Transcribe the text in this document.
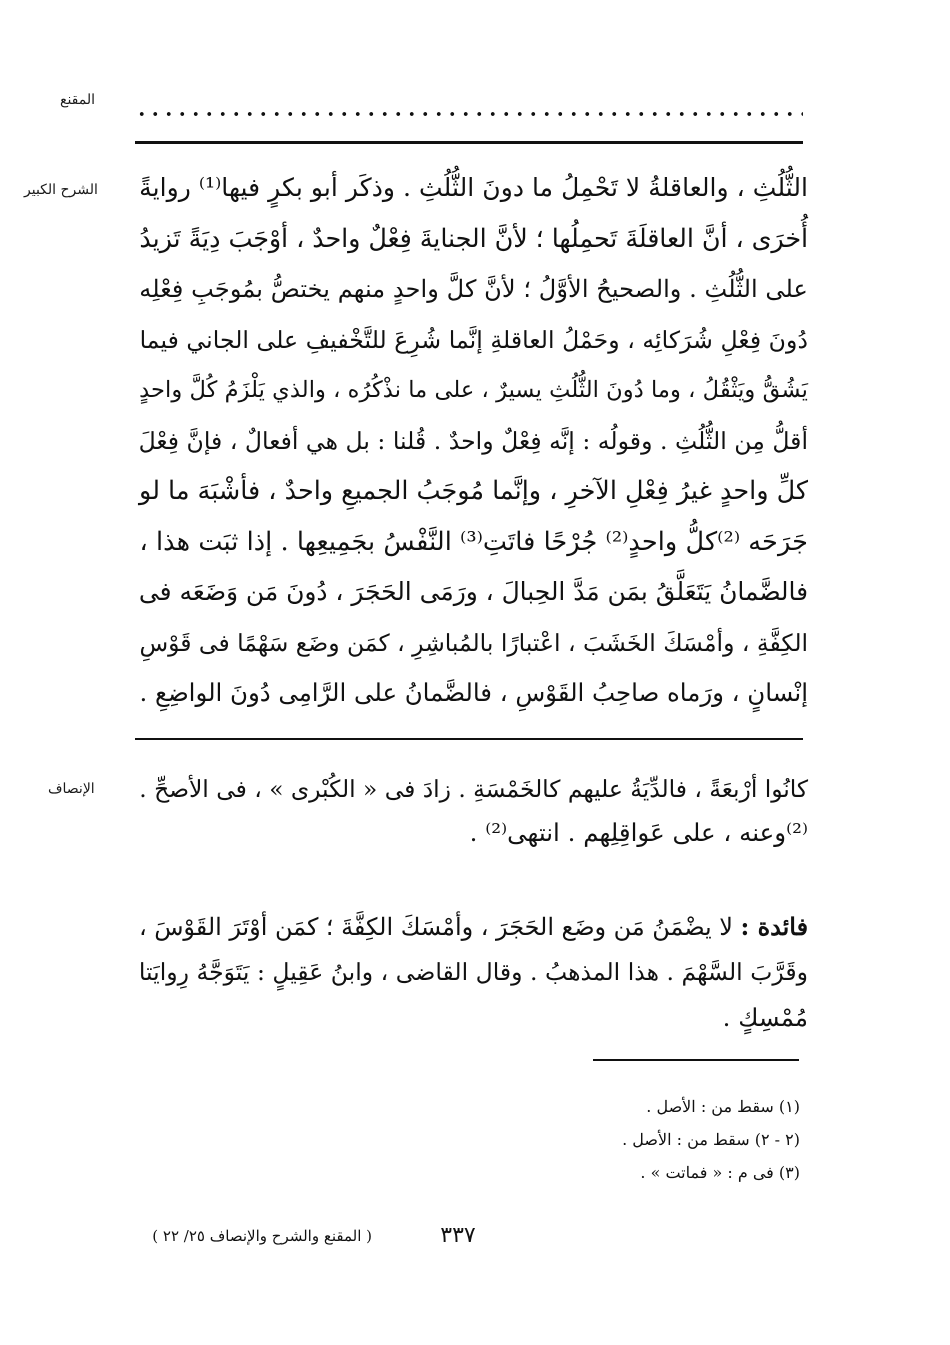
المقنع
الشرح الكبير الثُّلُثِ ، والعاقلةُ لا تَحْمِلُ ما دونَ الثُّلُثِ . وذكَر أبو بكرٍ فيها⁽¹⁾ روايةً
أُخرَى ، أنَّ العاقلَةَ تَحمِلُها ؛ لأنَّ الجنايةَ فِعْلٌ واحدٌ ، أوْجَبَ دِيَةً تَزيدُ
على الثُّلُثِ . والصحيحُ الأوَّلُ ؛ لأنَّ كلَّ واحدٍ منهم يختصُّ بمُوجَبِ فِعْلِه
دُونَ فِعْلِ شُرَكائِه ، وحَمْلُ العاقلةِ إنَّما شُرِعَ للتَّخْفيفِ على الجاني فيما
يَشُقُّ ويَثْقُلُ ، وما دُونَ الثُّلُثِ يسيرٌ ، على ما نذْكُرُه ، والذي يَلْزَمُ كُلَّ واحدٍ
أقلُّ مِن الثُّلُثِ . وقولُه : إنَّه فِعْلٌ واحدٌ . قُلنا : بل هي أفعالٌ ، فإنَّ فِعْلَ
كلِّ واحدٍ غيرُ فِعْلِ الآخرِ ، وإنَّما مُوجَبُ الجميعِ واحدٌ ، فأشْبَهَ ما لو
جَرَحَه ⁽²⁾كلُّ واحدٍ⁽²⁾ جُرْحًا فاتَتِ⁽³⁾ النَّفْسُ بجَمِيعِها . إذا ثبَت هذا ،
فالضَّمانُ يَتَعَلَّقُ بمَن مَدَّ الحِبالَ ، ورَمَى الحَجَرَ ، دُونَ مَن وَضَعَه فى
الكِفَّةِ ، وأمْسَكَ الخَشَبَ ، اعْتبارًا بالمُباشِرِ ، كمَن وضَع سَهْمًا فى قَوْسِ
إنْسانٍ ، ورَماه صاحِبُ القَوْسِ ، فالضَّمانُ على الرَّامِى دُونَ الواضِعِ .
الإنصاف	كانُوا أرْبعَةً ، فالدِّيَةُ عليهم كالخَمْسَةِ . زادَ فى « الكُبْرى » ، فى الأصحِّ .
⁽²⁾وعنه ، على عَواقِلِهم . انتهى⁽²⁾ .
فائدة : لا يضْمَنُ مَن وضَع الحَجَرَ ، وأمْسَكَ الكِفَّةَ ؛ كمَن أوْتَرَ القَوْسَ ،
وقَرَّبَ السَّهْمَ . هذا المذهبُ . وقال القاضى ، وابنُ عَقِيلٍ : يَتَوَجَّهُ رِوايَتا
مُمْسِكٍ .
(١) سقط من : الأصل .
(٢ - ٢) سقط من : الأصل .
(٣) فى م : « فماتت » .
٣٣٧
( المقنع والشرح والإنصاف ٢٥/ ٢٢ )
